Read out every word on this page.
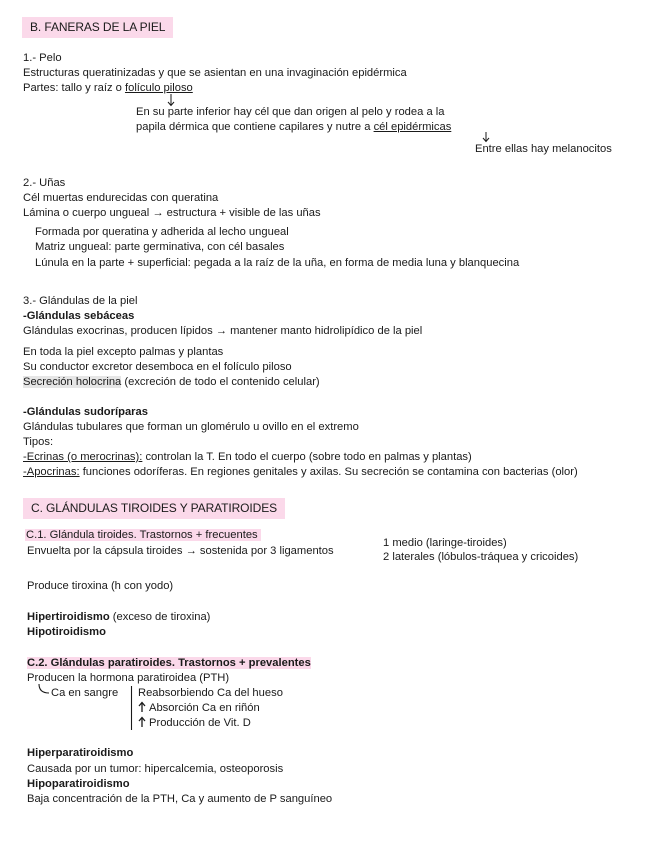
B. FANERAS DE LA PIEL
1.- Pelo
Estructuras queratinizadas y que se asientan en una invaginación epidérmica
Partes: tallo y raíz o folículo piloso
En su parte inferior hay cél que dan origen al pelo y rodea a la
papila dérmica que contiene capilares y nutre a cél epidérmicas
Entre ellas hay melanocitos
2.- Uñas
Cél muertas endurecidas con queratina
Lámina o cuerpo ungueal → estructura + visible de las uñas
Formada por queratina y adherida al lecho ungueal
Matriz ungueal: parte germinativa, con cél basales
Lúnula en la parte + superficial: pegada a la raíz de la uña, en forma de media luna y blanquecina
3.- Glándulas de la piel
-Glándulas sebáceas
Glándulas exocrinas, producen lípidos → mantener manto hidrolipídico de la piel
En toda la piel excepto palmas y plantas
Su conductor excretor desemboca en el folículo piloso
Secreción holocrina (excreción de todo el contenido celular)
-Glándulas sudoríparas
Glándulas tubulares que forman un glomérulo u ovillo en el extremo
Tipos:
-Ecrinas (o merocrinas): controlan la T. En todo el cuerpo (sobre todo en palmas y plantas)
-Apocrinas: funciones odoríferas. En regiones genitales y axilas. Su secreción se contamina con bacterias (olor)
C. GLÁNDULAS TIROIDES Y PARATIROIDES
C.1. Glándula tiroides. Trastornos + frecuentes
Envuelta por la cápsula tiroides → sostenida por 3 ligamentos
1 medio (laringe-tiroides)
2 laterales (lóbulos-tráquea y cricoides)
Produce tiroxina (h con yodo)
Hipertiroidismo (exceso de tiroxina)
Hipotiroidismo
C.2. Glándulas paratiroides. Trastornos + prevalentes
Producen la hormona paratiroidea (PTH)
Ca en sangre Reabsorbiendo Ca del hueso
Absorción Ca en riñón
Producción de Vit. D
Hiperparatiroidismo
Causada por un tumor: hipercalcemia, osteoporosis
Hipoparatiroidismo
Baja concentración de la PTH, Ca y aumento de P sanguíneo
